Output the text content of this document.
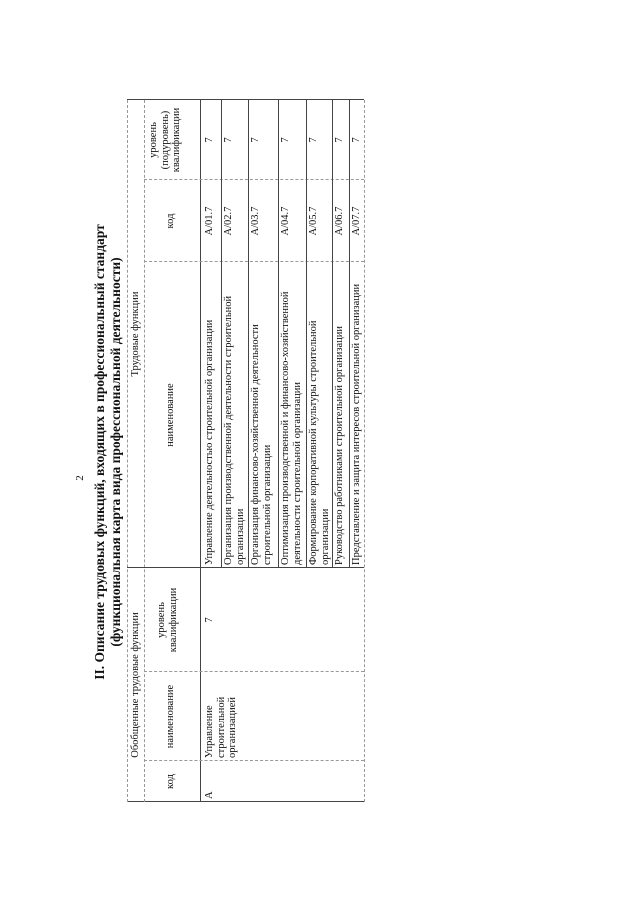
2 II. Описание трудовых функций, входящих в профессиональный стандарт (функциональная карта вида профессиональной деятельности)
Обобщенные трудовые функции
Трудовые функции
код
наименование
уровень квалификации
наименование
код
уровень (подуровень) квалификации
А
Управление строительной организацией
7
Управление деятельностью строительной организации
A/01.7
7
Организация производственной деятельности строительной организации
A/02.7
7
Организация финансово-хозяйственной деятельности строительной организации
A/03.7
7
Оптимизация производственной и финансово-хозяйственной деятельности строительной организации
A/04.7
7
Формирование корпоративной культуры строительной организации
A/05.7
7
Руководство работниками строительной организации
A/06.7
7
Представление и защита интересов строительной организации
A/07.7
7
